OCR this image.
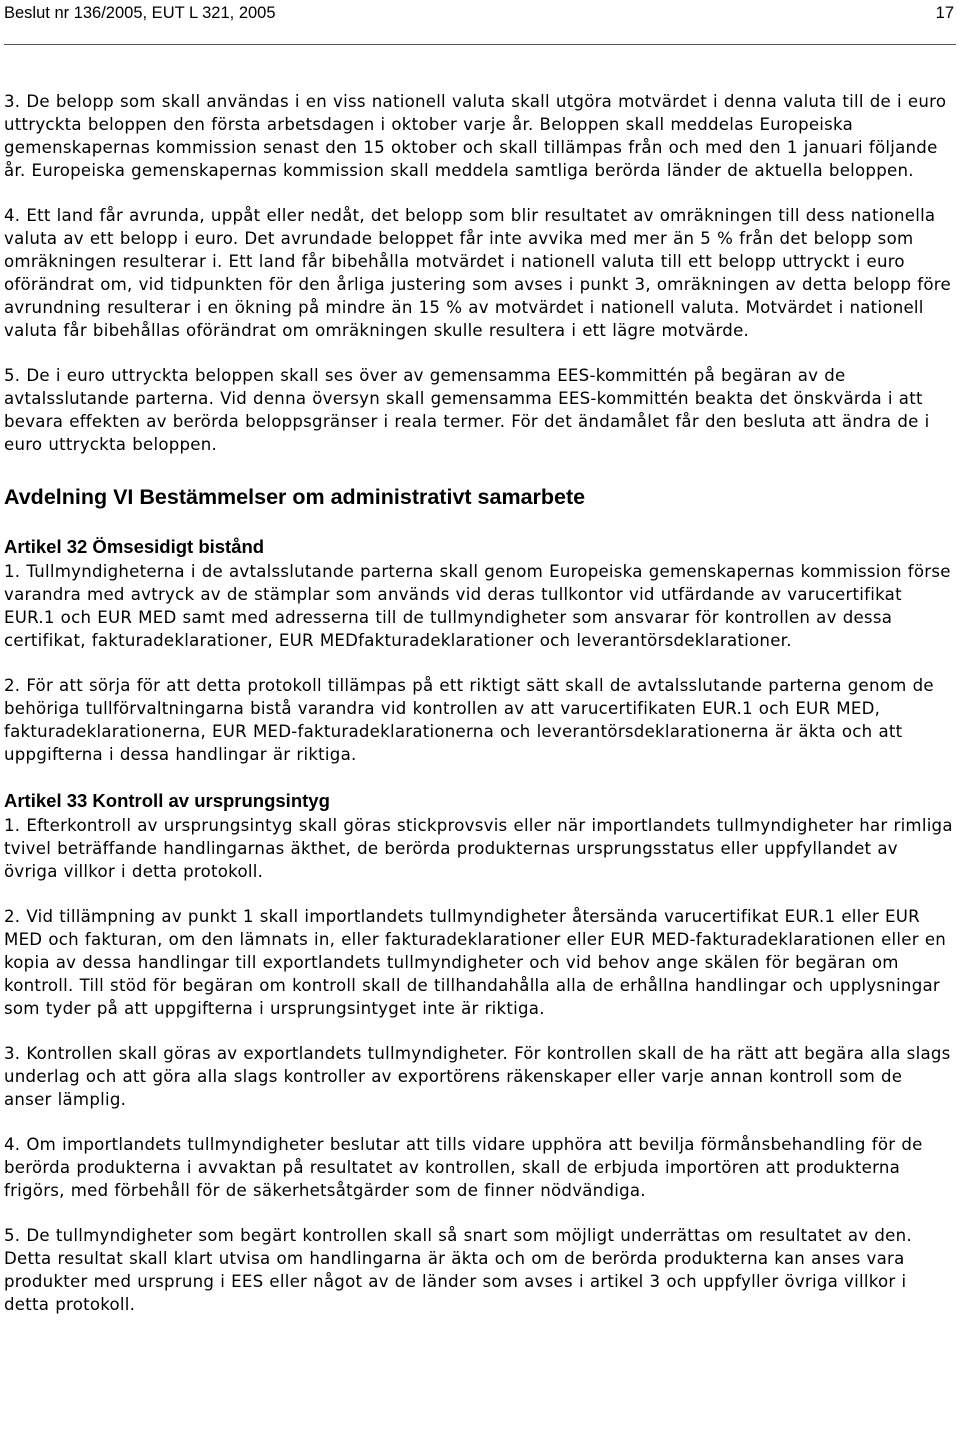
Beslut nr 136/2005, EUT L 321, 2005	17

3. De belopp som skall användas i en viss nationell valuta skall utgöra motvärdet i denna valuta till de i euro uttryckta beloppen den första arbetsdagen i oktober varje år. Beloppen skall meddelas Europeiska gemenskapernas kommission senast den 15 oktober och skall tillämpas från och med den 1 januari följande år. Europeiska gemenskapernas kommission skall meddela samtliga berörda länder de aktuella beloppen.

4. Ett land får avrunda, uppåt eller nedåt, det belopp som blir resultatet av omräkningen till dess nationella valuta av ett belopp i euro. Det avrundade beloppet får inte avvika med mer än 5 % från det belopp som omräkningen resulterar i. Ett land får bibehålla motvärdet i nationell valuta till ett belopp uttryckt i euro oförändrat om, vid tidpunkten för den årliga justering som avses i punkt 3, omräkningen av detta belopp före avrundning resulterar i en ökning på mindre än 15 % av motvärdet i nationell valuta. Motvärdet i nationell valuta får bibehållas oförändrat om omräkningen skulle resultera i ett lägre motvärde.

5. De i euro uttryckta beloppen skall ses över av gemensamma EES-kommittén på begäran av de avtalsslutande parterna. Vid denna översyn skall gemensamma EES-kommittén beakta det önskvärda i att bevara effekten av berörda beloppsgränser i reala termer. För det ändamålet får den besluta att ändra de i euro uttryckta beloppen.

Avdelning VI Bestämmelser om administrativt samarbete
Artikel 32 Ömsesidigt bistånd

1. Tullmyndigheterna i de avtalsslutande parterna skall genom Europeiska gemenskapernas kommission förse varandra med avtryck av de stämplar som används vid deras tullkontor vid utfärdande av varucertifikat EUR.1 och EUR MED samt med adresserna till de tullmyndigheter som ansvarar för kontrollen av dessa certifikat, fakturadeklarationer, EUR MEDfakturadeklarationer och leverantörsdeklarationer.

2. För att sörja för att detta protokoll tillämpas på ett riktigt sätt skall de avtalsslutande parterna genom de behöriga tullförvaltningarna bistå varandra vid kontrollen av att varucertifikaten EUR.1 och EUR MED, fakturadeklarationerna, EUR MED-fakturadeklarationerna och leverantörsdeklarationerna är äkta och att uppgifterna i dessa handlingar är riktiga.

Artikel 33 Kontroll av ursprungsintyg

1. Efterkontroll av ursprungsintyg skall göras stickprovsvis eller när importlandets tullmyndigheter har rimliga tvivel beträffande handlingarnas äkthet, de berörda produkternas ursprungsstatus eller uppfyllandet av övriga villkor i detta protokoll.

2. Vid tillämpning av punkt 1 skall importlandets tullmyndigheter återsända varucertifikat EUR.1 eller EUR MED och fakturan, om den lämnats in, eller fakturadeklarationer eller EUR MED-fakturadeklarationen eller en kopia av dessa handlingar till exportlandets tullmyndigheter och vid behov ange skälen för begäran om kontroll. Till stöd för begäran om kontroll skall de tillhandahålla alla de erhållna handlingar och upplysningar som tyder på att uppgifterna i ursprungsintyget inte är riktiga.

3. Kontrollen skall göras av exportlandets tullmyndigheter. För kontrollen skall de ha rätt att begära alla slags underlag och att göra alla slags kontroller av exportörens räkenskaper eller varje annan kontroll som de anser lämplig.

4. Om importlandets tullmyndigheter beslutar att tills vidare upphöra att bevilja förmånsbehandling för de berörda produkterna i avvaktan på resultatet av kontrollen, skall de erbjuda importören att produkterna frigörs, med förbehåll för de säkerhetsåtgärder som de finner nödvändiga.

5. De tullmyndigheter som begärt kontrollen skall så snart som möjligt underrättas om resultatet av den. Detta resultat skall klart utvisa om handlingarna är äkta och om de berörda produkterna kan anses vara produkter med ursprung i EES eller något av de länder som avses i artikel 3 och uppfyller övriga villkor i detta protokoll.
